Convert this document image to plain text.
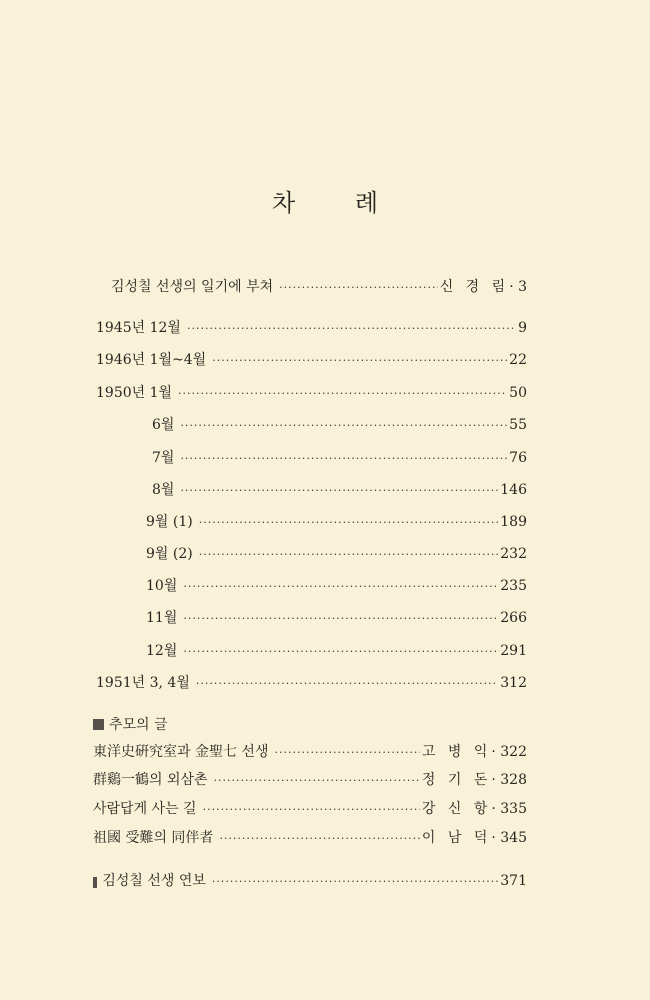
차 례
김성칠 선생의 일기에 부쳐 ·····	신 경 림 · 3
1945년 12월 ·····	9
1946년 1월~4월 ·····	22
1950년 1월 ·····	50
6월 ·····	55
7월 ·····	76
8월 ·····	146
9월 (1) ·····	189
9월 (2) ·····	232
10월 ·····	235
11월 ·····	266
12월 ·····	291
1951년 3, 4월 ·····	312
추모의 글
東洋史硏究室과 金聖七 선생 ·····	고 병 익 · 322
群鷄一鶴의 외삼촌 ·····	정 기 돈 · 328
사람답게 사는 길 ·····	강 신 항 · 335
祖國 受難의 同伴者 ·····	이 남 덕 · 345
김성칠 선생 연보 ·····	371
